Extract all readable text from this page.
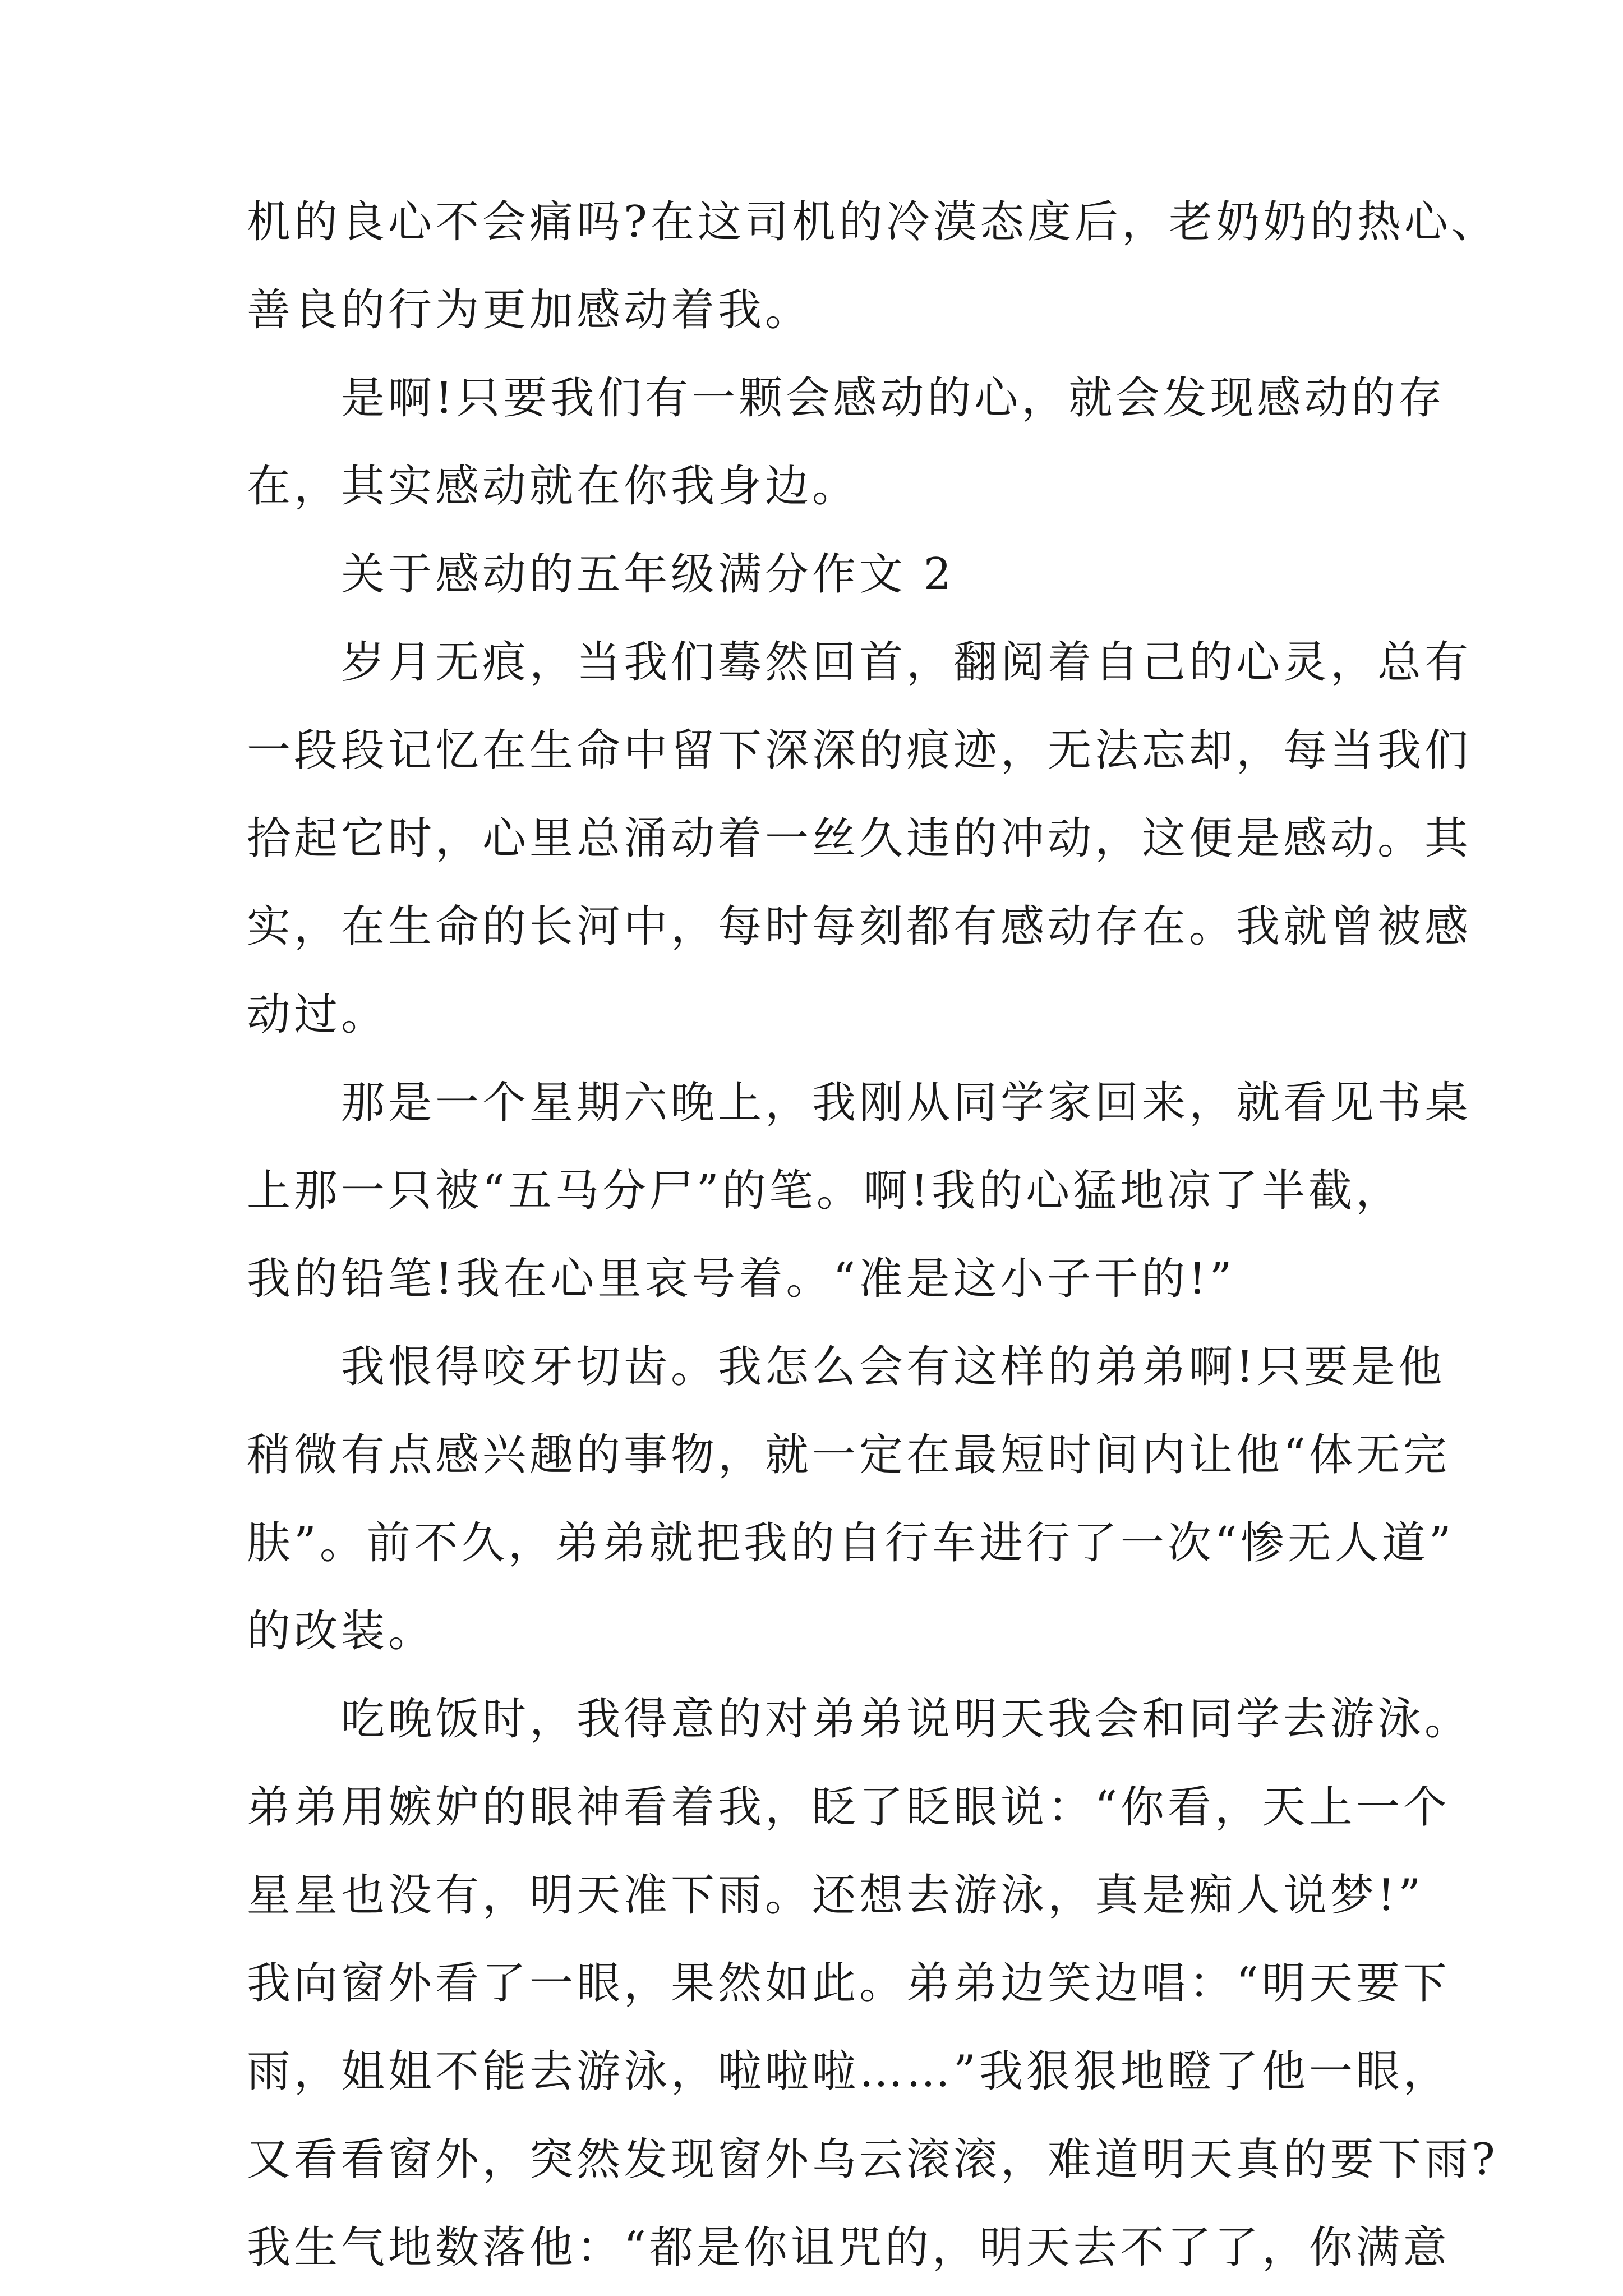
机的良心不会痛吗?在这司机的冷漠态度后，老奶奶的热心、
善良的行为更加感动着我。
是啊!只要我们有一颗会感动的心，就会发现感动的存
在，其实感动就在你我身边。
关于感动的五年级满分作文 2
岁月无痕，当我们蓦然回首，翻阅着自己的心灵，总有
一段段记忆在生命中留下深深的痕迹，无法忘却，每当我们
拾起它时，心里总涌动着一丝久违的冲动，这便是感动。其
实，在生命的长河中，每时每刻都有感动存在。我就曾被感
动过。
那是一个星期六晚上，我刚从同学家回来，就看见书桌
上那一只被“五马分尸”的笔。啊!我的心猛地凉了半截，
我的铅笔!我在心里哀号着。“准是这小子干的!”
我恨得咬牙切齿。我怎么会有这样的弟弟啊!只要是他
稍微有点感兴趣的事物，就一定在最短时间内让他“体无完
肤”。前不久，弟弟就把我的自行车进行了一次“惨无人道”
的改装。
吃晚饭时，我得意的对弟弟说明天我会和同学去游泳。
弟弟用嫉妒的眼神看着我，眨了眨眼说：“你看，天上一个
星星也没有，明天准下雨。还想去游泳，真是痴人说梦!”
我向窗外看了一眼，果然如此。弟弟边笑边唱：“明天要下
雨，姐姐不能去游泳，啦啦啦……”我狠狠地瞪了他一眼，
又看看窗外，突然发现窗外乌云滚滚，难道明天真的要下雨?
我生气地数落他：“都是你诅咒的，明天去不了了，你满意
